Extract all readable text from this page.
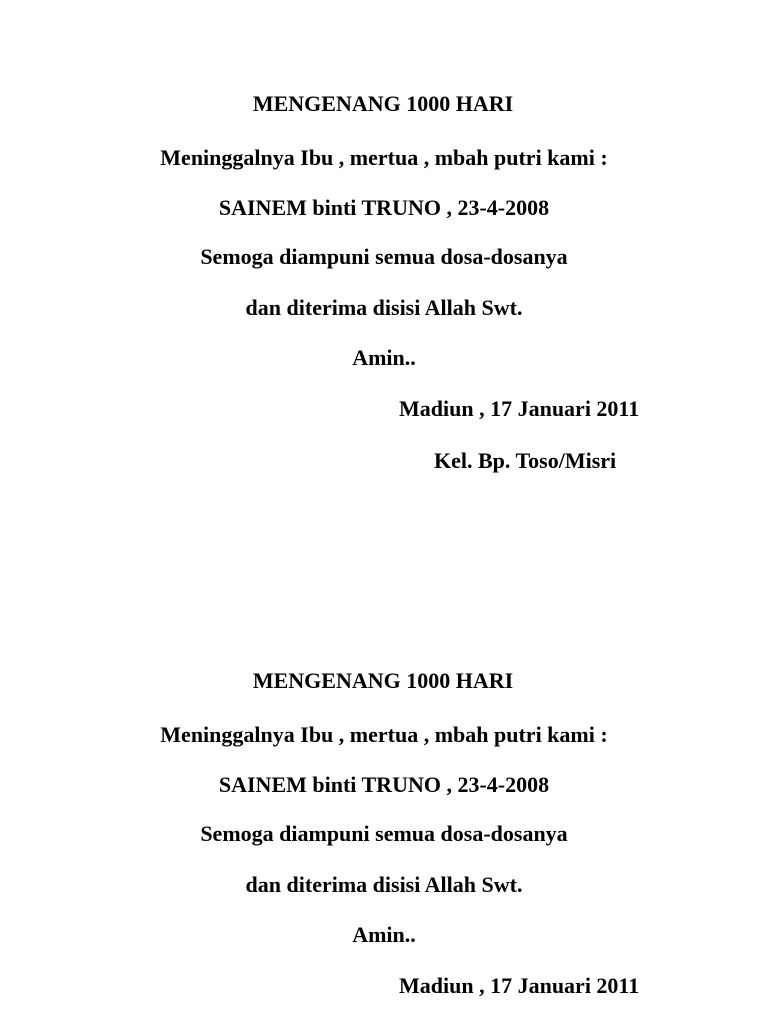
MENGENANG 1000 HARI
Meninggalnya Ibu , mertua , mbah putri kami :
SAINEM binti TRUNO , 23-4-2008
Semoga diampuni semua dosa-dosanya
dan diterima disisi Allah Swt.
Amin..
Madiun , 17 Januari 2011
Kel. Bp. Toso/Misri
MENGENANG 1000 HARI
Meninggalnya Ibu , mertua , mbah putri kami :
SAINEM binti TRUNO , 23-4-2008
Semoga diampuni semua dosa-dosanya
dan diterima disisi Allah Swt.
Amin..
Madiun , 17 Januari 2011
